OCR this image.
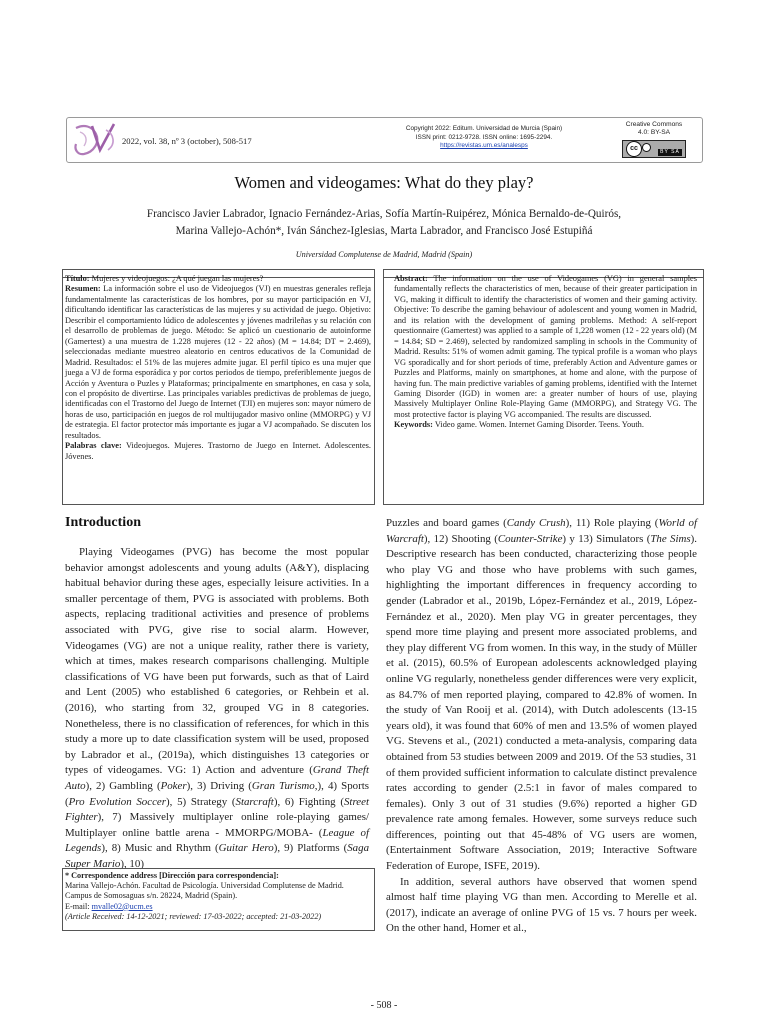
2022, vol. 38, nº 3 (october), 508-517
Copyright 2022: Editum. Universidad de Murcia (Spain)
ISSN print: 0212-9728. ISSN online: 1695-2294.
https://revistas.um.es/analesps
Creative Commons
4.0: BY-SA
cc
BY SA
Women and videogames: What do they play?
Francisco Javier Labrador, Ignacio Fernández-Arias, Sofía Martín-Ruipérez, Mónica Bernaldo-de-Quirós,
Marina Vallejo-Achón*, Iván Sánchez-Iglesias, Marta Labrador, and Francisco José Estupiñá
Universidad Complutense de Madrid, Madrid (Spain)
Título: Mujeres y videojuegos: ¿A qué juegan las mujeres?
Resumen: La información sobre el uso de Videojuegos (VJ) en muestras generales refleja fundamentalmente las características de los hombres, por su mayor participación en VJ, dificultando identificar las características de las mujeres y su actividad de juego. Objetivo: Describir el comportamiento lúdico de adolescentes y jóvenes madrileñas y su relación con el desarrollo de problemas de juego. Método: Se aplicó un cuestionario de autoinforme (Gamertest) a una muestra de 1.228 mujeres (12 - 22 años) (M = 14.84; DT = 2.469), seleccionadas mediante muestreo aleatorio en centros educativos de la Comunidad de Madrid. Resultados: el 51% de las mujeres admite jugar. El perfil típico es una mujer que juega a VJ de forma esporádica y por cortos periodos de tiempo, preferiblemente juegos de Acción y Aventura o Puzles y Plataformas; principalmente en smartphones, en casa y sola, con el propósito de divertirse. Las principales variables predictivas de problemas de juego, identificadas con el Trastorno del Juego de Internet (TJI) en mujeres son: mayor número de horas de uso, participación en juegos de rol multijugador masivo online (MMORPG) y VJ de estrategia. El factor protector más importante es jugar a VJ acompañado. Se discuten los resultados.
Palabras clave: Videojuegos. Mujeres. Trastorno de Juego en Internet. Adolescentes. Jóvenes.
Abstract: The information on the use of Videogames (VG) in general samples fundamentally reflects the characteristics of men, because of their greater participation in VG, making it difficult to identify the characteristics of women and their gaming activity. Objective: To describe the gaming behaviour of adolescent and young women in Madrid, and its relation with the development of gaming problems. Method: A self-report questionnaire (Gamertest) was applied to a sample of 1,228 women (12 - 22 years old) (M = 14.84; SD = 2.469), selected by randomized sampling in schools in the Community of Madrid. Results: 51% of women admit gaming. The typical profile is a woman who plays VG sporadically and for short periods of time, preferably Action and Adventure games or Puzzles and Platforms, mainly on smartphones, at home and alone, with the purpose of having fun. The main predictive variables of gaming problems, identified with the Internet Gaming Disorder (IGD) in women are: a greater number of hours of use, playing Massively Multiplayer Online Role-Playing Game (MMORPG), and Strategy VG. The most protective factor is playing VG accompanied. The results are discussed.
Keywords: Video game. Women. Internet Gaming Disorder. Teens. Youth.
Introduction

Playing Videogames (PVG) has become the most popular behavior amongst adolescents and young adults (A&Y), displacing habitual behavior during these ages, especially leisure activities. In a smaller percentage of them, PVG is associated with problems. Both aspects, replacing traditional activities and presence of problems associated with PVG, give rise to social alarm. However, Videogames (VG) are not a unique reality, rather there is variety, which at times, makes research comparisons challenging. Multiple classifications of VG have been put forwards, such as that of Laird and Lent (2005) who established 6 categories, or Rehbein et al. (2016), who starting from 32, grouped VG in 8 categories. Nonetheless, there is no classification of references, for which in this study a more up to date classification system will be used, proposed by Labrador et al., (2019a), which distinguishes 13 categories or types of videogames. VG: 1) Action and adventure (Grand Theft Auto), 2) Gambling (Poker), 3) Driving (Gran Turismo,), 4) Sports (Pro Evolution Soccer), 5) Strategy (Starcraft), 6) Fighting (Street Fighter), 7) Massively multiplayer online role-playing games/ Multiplayer online battle arena - MMORPG/MOBA- (League of Legends), 8) Music and Rhythm (Guitar Hero), 9) Platforms (Saga Super Mario), 10)

Puzzles and board games (Candy Crush), 11) Role playing (World of Warcraft), 12) Shooting (Counter-Strike) y 13) Simulators (The Sims). Descriptive research has been conducted, characterizing those people who play VG and those who have problems with such games, highlighting the important differences in frequency according to gender (Labrador et al., 2019b, López-Fernández et al., 2019, López-Fernández et al., 2020). Men play VG in greater percentages, they spend more time playing and present more associated problems, and they play different VG from women. In this way, in the study of Müller et al. (2015), 60.5% of European adolescents acknowledged playing online VG regularly, nonetheless gender differences were very explicit, as 84.7% of men reported playing, compared to 42.8% of women. In the study of Van Rooij et al. (2014), with Dutch adolescents (13-15 years old), it was found that 60% of men and 13.5% of women played VG. Stevens et al., (2021) conducted a meta-analysis, comparing data obtained from 53 studies between 2009 and 2019. Of the 53 studies, 31 of them provided sufficient information to calculate distinct prevalence rates according to gender (2.5:1 in favor of males compared to females). Only 3 out of 31 studies (9.6%) reported a higher GD prevalence rate among females. However, some surveys reduce such differences, pointing out that 45-48% of VG users are women, (Entertainment Software Association, 2019; Interactive Software Federation of Europe, ISFE, 2019).

In addition, several authors have observed that women spend almost half time playing VG than men. According to Merelle et al. (2017), indicate an average of online PVG of 15 vs. 7 hours per week. On the other hand, Homer et al.,

* Correspondence address [Dirección para correspondencia]:
Marina Vallejo-Achón. Facultad de Psicología. Universidad Complutense de Madrid. Campus de Somosaguas s/n. 28224, Madrid (Spain).
E-mail: mvalle02@ucm.es
(Article Received: 14-12-2021; reviewed: 17-03-2022; accepted: 21-03-2022)
- 508 -
